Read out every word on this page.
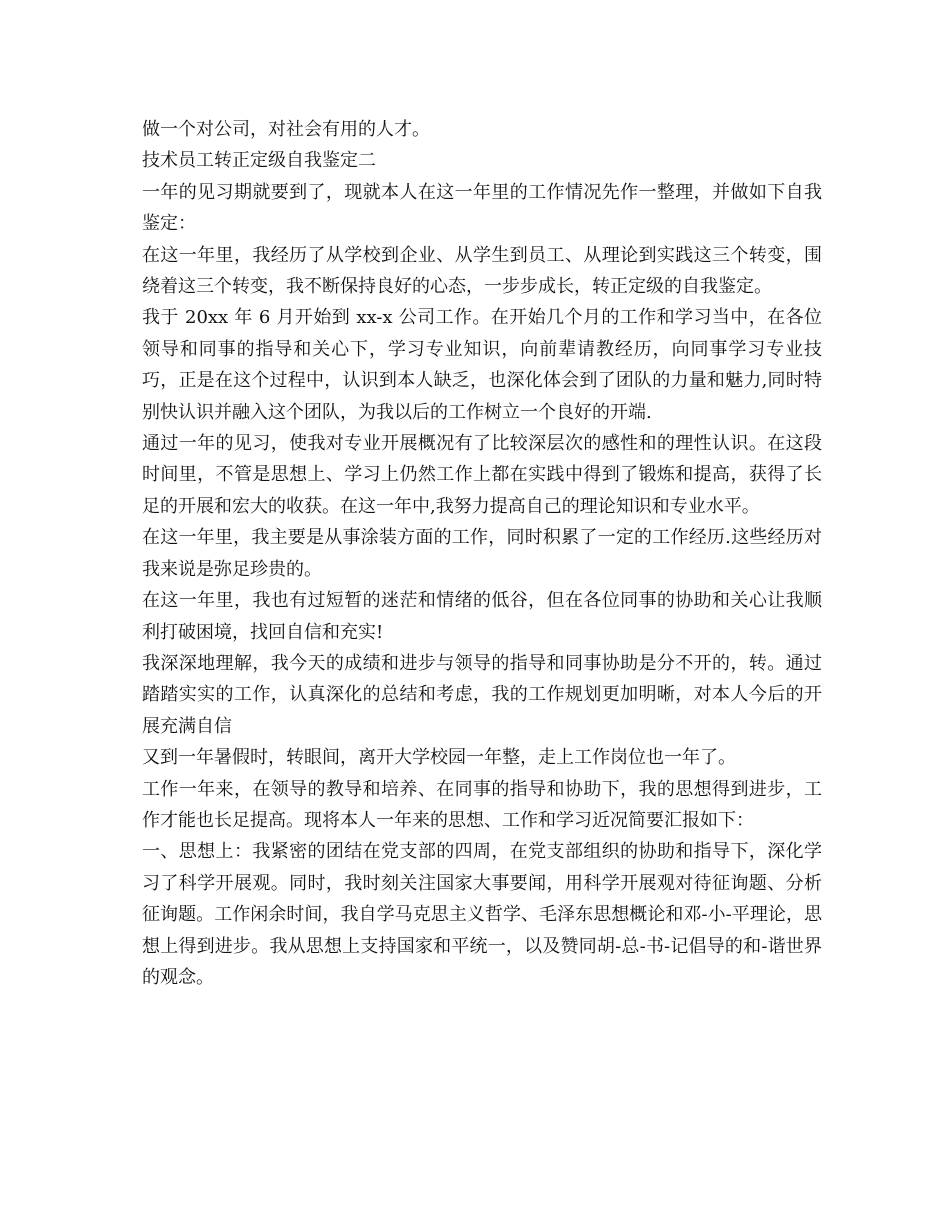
做一个对公司，对社会有用的人才。

技术员工转正定级自我鉴定二

一年的见习期就要到了，现就本人在这一年里的工作情况先作一整理，并做如下自我鉴定：

在这一年里，我经历了从学校到企业、从学生到员工、从理论到实践这三个转变，围绕着这三个转变，我不断保持良好的心态，一步步成长，转正定级的自我鉴定。

我于 20xx 年 6 月开始到 xx-x 公司工作。在开始几个月的工作和学习当中，在各位领导和同事的指导和关心下，学习专业知识，向前辈请教经历，向同事学习专业技巧，正是在这个过程中，认识到本人缺乏，也深化体会到了团队的力量和魅力,同时特别快认识并融入这个团队，为我以后的工作树立一个良好的开端.

通过一年的见习，使我对专业开展概况有了比较深层次的感性和的理性认识。在这段时间里，不管是思想上、学习上仍然工作上都在实践中得到了锻炼和提高，获得了长足的开展和宏大的收获。在这一年中,我努力提高自己的理论知识和专业水平。

在这一年里，我主要是从事涂装方面的工作，同时积累了一定的工作经历.这些经历对我来说是弥足珍贵的。

在这一年里，我也有过短暂的迷茫和情绪的低谷，但在各位同事的协助和关心让我顺利打破困境，找回自信和充实!

我深深地理解，我今天的成绩和进步与领导的指导和同事协助是分不开的，转。通过踏踏实实的工作，认真深化的总结和考虑，我的工作规划更加明晰，对本人今后的开展充满自信

又到一年暑假时，转眼间，离开大学校园一年整，走上工作岗位也一年了。

工作一年来，在领导的教导和培养、在同事的指导和协助下，我的思想得到进步，工作才能也长足提高。现将本人一年来的思想、工作和学习近况简要汇报如下：

一、思想上：我紧密的团结在党支部的四周，在党支部组织的协助和指导下，深化学习了科学开展观。同时，我时刻关注国家大事要闻，用科学开展观对待征询题、分析征询题。工作闲余时间，我自学马克思主义哲学、毛泽东思想概论和邓-小-平理论，思想上得到进步。我从思想上支持国家和平统一，以及赞同胡-总-书-记倡导的和-谐世界的观念。
